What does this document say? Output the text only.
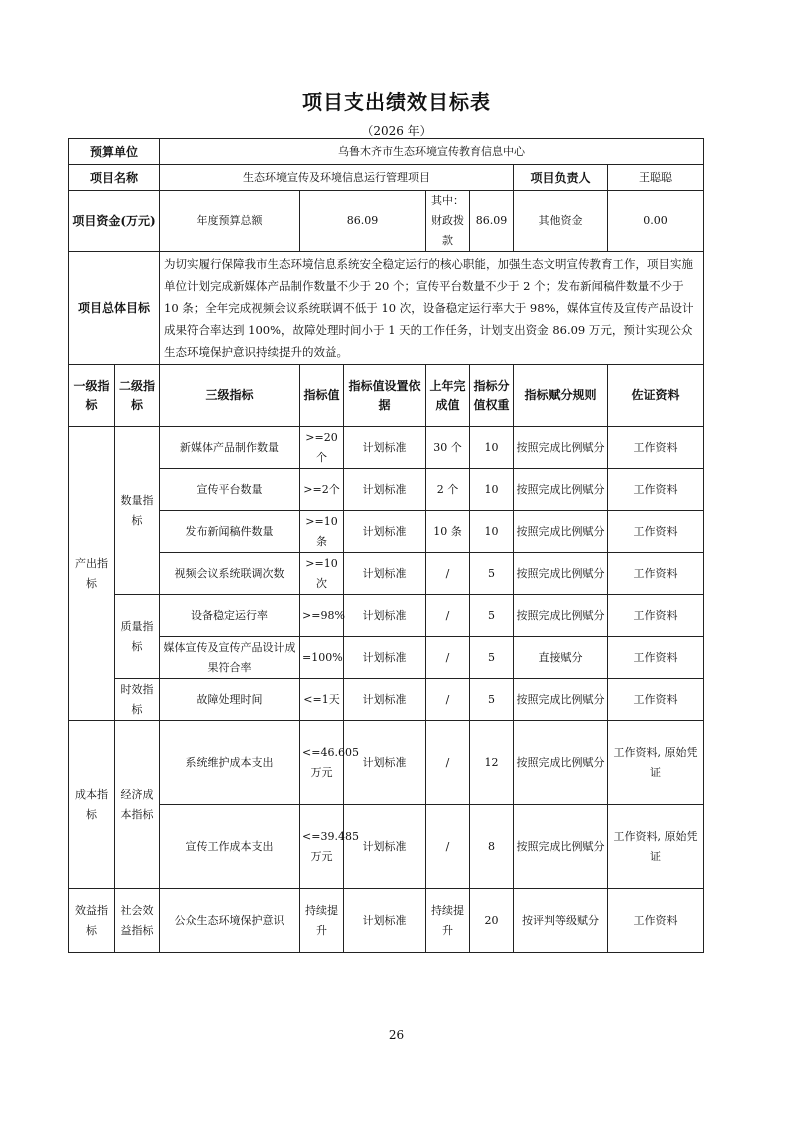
项目支出绩效目标表
（2026 年）
预算单位		乌鲁木齐市生态环境宣传教育信息中心						
项目名称		生态环境宣传及环境信息运行管理项目					项目负责人	王聪聪
项目资金(万元)		年度预算总额	86.09		其中：财政拨款	86.09	其他资金	0.00
项目总体目标		为切实履行保障我市生态环境信息系统安全稳定运行的核心职能，加强生态文明宣传教育工作，项目实施单位计划完成新媒体产品制作数量不少于 20 个；宣传平台数量不少于 2 个；发布新闻稿件数量不少于 10 条；全年完成视频会议系统联调不低于 10 次，设备稳定运行率大于 98%，媒体宣传及宣传产品设计成果符合率达到 100%，故障处理时间小于 1 天的工作任务，计划支出资金 86.09 万元，预计实现公众生态环境保护意识持续提升的效益。						
一级指标	二级指标	三级指标	指标值	指标值设置依据	上年完成值	指标分值权重	指标赋分规则	佐证资料
产出指标	数量指标	新媒体产品制作数量	>=20个	计划标准	30 个	10	按照完成比例赋分	工作资料
		宣传平台数量	>=2个	计划标准	2 个	10	按照完成比例赋分	工作资料
		发布新闻稿件数量	>=10条	计划标准	10 条	10	按照完成比例赋分	工作资料
		视频会议系统联调次数	>=10次	计划标准	/	5	按照完成比例赋分	工作资料
	质量指标	设备稳定运行率	>=98%	计划标准	/	5	按照完成比例赋分	工作资料
		媒体宣传及宣传产品设计成果符合率	=100%	计划标准	/	5	直接赋分	工作资料
	时效指标	故障处理时间	<=1天	计划标准	/	5	按照完成比例赋分	工作资料
成本指标	经济成本指标	系统维护成本支出	<=46.605万元	计划标准	/	12	按照完成比例赋分	工作资料, 原始凭证
		宣传工作成本支出	<=39.485万元	计划标准	/	8	按照完成比例赋分	工作资料, 原始凭证
效益指标	社会效益指标	公众生态环境保护意识	持续提升	计划标准	持续提升	20	按评判等级赋分	工作资料
26
